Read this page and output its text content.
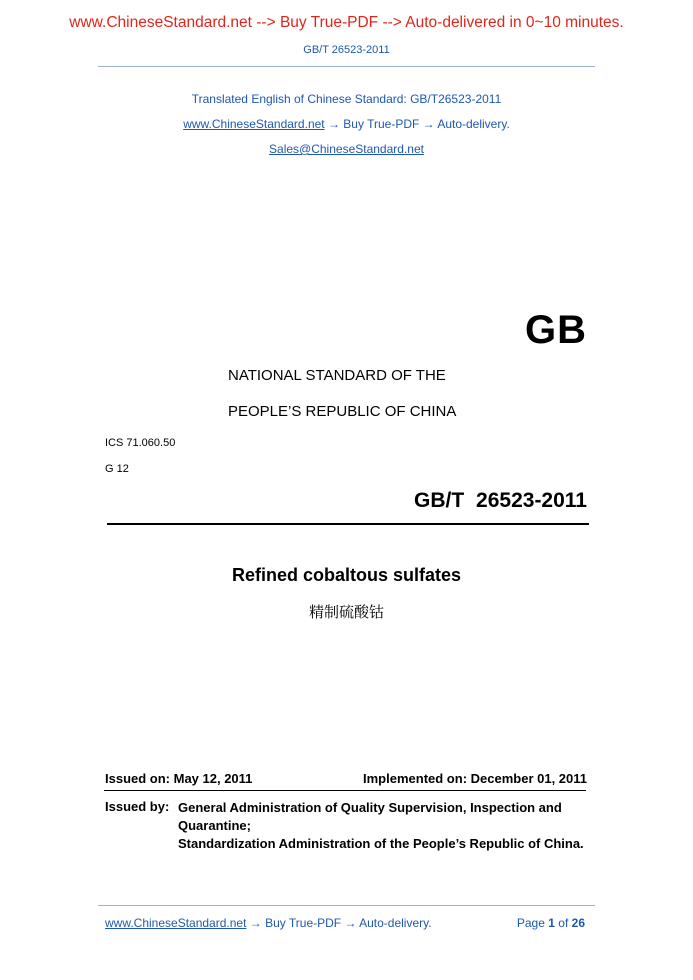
www.ChineseStandard.net --> Buy True-PDF --> Auto-delivered in 0~10 minutes.
GB/T 26523-2011
Translated English of Chinese Standard: GB/T26523-2011
www.ChineseStandard.net → Buy True-PDF → Auto-delivery.
Sales@ChineseStandard.net
GB
NATIONAL STANDARD OF THE
PEOPLE’S REPUBLIC OF CHINA
ICS 71.060.50
G 12
GB/T 26523-2011
Refined cobaltous sulfates
精制硫酸钴
Issued on: May 12, 2011	Implemented on: December 01, 2011
Issued by: General Administration of Quality Supervision, Inspection and Quarantine;
Standardization Administration of the People’s Republic of China.
www.ChineseStandard.net → Buy True-PDF → Auto-delivery.	Page 1 of 26
